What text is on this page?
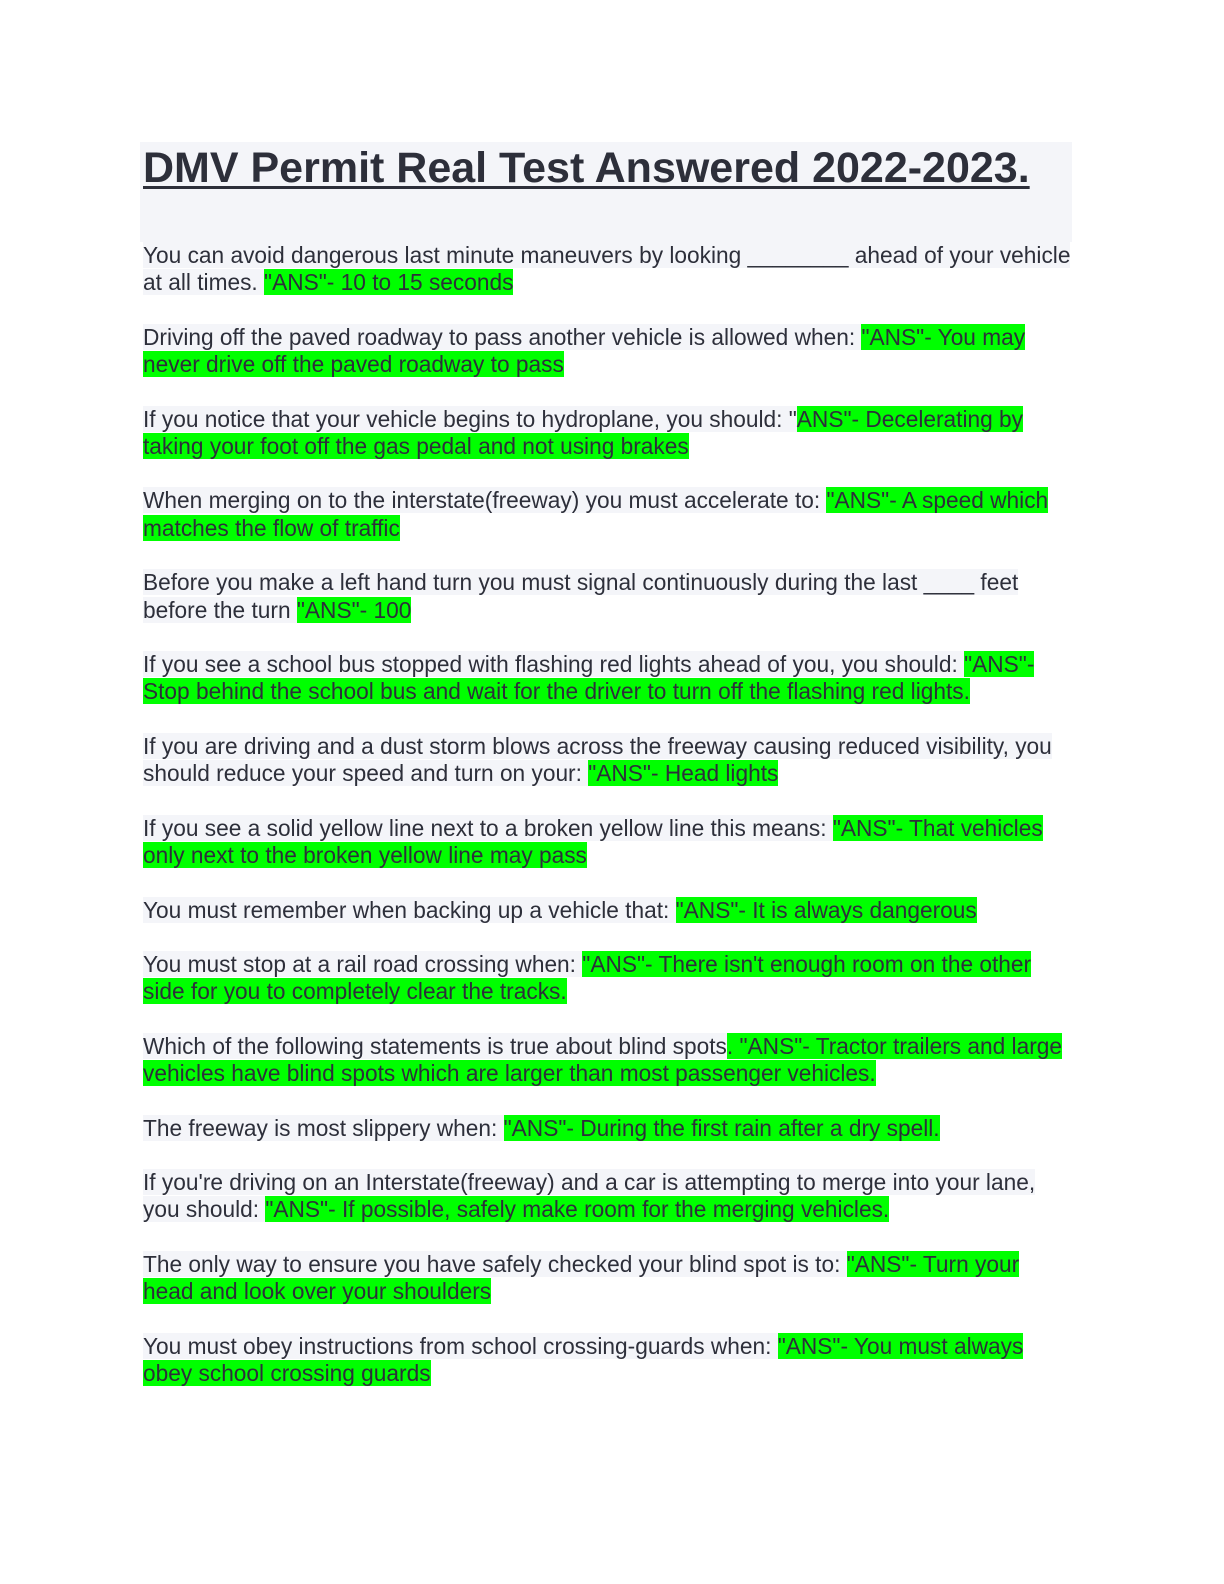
DMV Permit Real Test Answered 2022-2023.

You can avoid dangerous last minute maneuvers by looking ________ ahead of your vehicle at all times. "ANS"- 10 to 15 seconds

Driving off the paved roadway to pass another vehicle is allowed when: "ANS"- You may never drive off the paved roadway to pass

If you notice that your vehicle begins to hydroplane, you should: "ANS"- Decelerating by taking your foot off the gas pedal and not using brakes

When merging on to the interstate(freeway) you must accelerate to: "ANS"- A speed which matches the flow of traffic

Before you make a left hand turn you must signal continuously during the last ____ feet before the turn "ANS"- 100

If you see a school bus stopped with flashing red lights ahead of you, you should: "ANS"- Stop behind the school bus and wait for the driver to turn off the flashing red lights.

If you are driving and a dust storm blows across the freeway causing reduced visibility, you should reduce your speed and turn on your: "ANS"- Head lights

If you see a solid yellow line next to a broken yellow line this means: "ANS"- That vehicles only next to the broken yellow line may pass

You must remember when backing up a vehicle that: "ANS"- It is always dangerous

You must stop at a rail road crossing when: "ANS"- There isn't enough room on the other side for you to completely clear the tracks.

Which of the following statements is true about blind spots. "ANS"- Tractor trailers and large vehicles have blind spots which are larger than most passenger vehicles.

The freeway is most slippery when: "ANS"- During the first rain after a dry spell.

If you're driving on an Interstate(freeway) and a car is attempting to merge into your lane, you should: "ANS"- If possible, safely make room for the merging vehicles.

The only way to ensure you have safely checked your blind spot is to: "ANS"- Turn your head and look over your shoulders

You must obey instructions from school crossing-guards when: "ANS"- You must always obey school crossing guards
